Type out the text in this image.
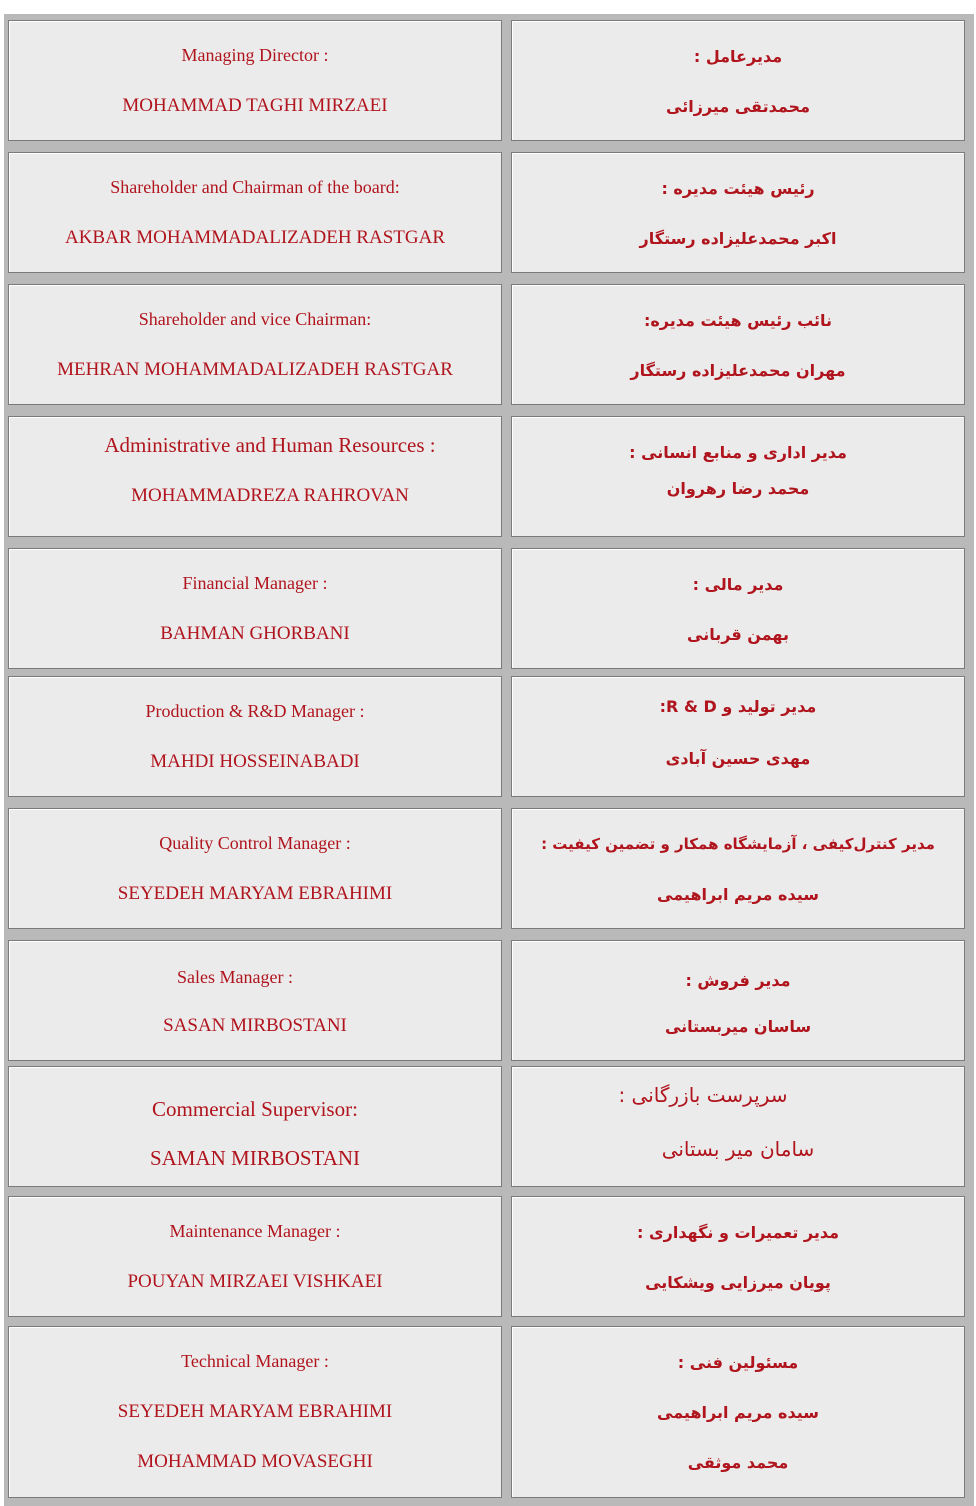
Managing Director :
MOHAMMAD TAGHI MIRZAEI
مدیرعامل :
محمدتقی میرزائی
Shareholder and Chairman of the board:
AKBAR MOHAMMADALIZADEH RASTGAR
رئیس هیئت مدیره :
اکبر محمدعلیزاده رستگار
Shareholder and vice Chairman:
MEHRAN MOHAMMADALIZADEH RASTGAR
نائب رئیس هیئت مدیره:
مهران محمدعلیزاده رستگار
Administrative and Human Resources :
MOHAMMADREZA RAHROVAN
مدیر اداری و منابع انسانی :
محمد رضا رهروان
Financial Manager :
BAHMAN GHORBANI
مدیر مالی :
بهمن قربانی
Production & R&D Manager :
MAHDI HOSSEINABADI
مدیر تولید و R & D:
مهدی حسین آبادی
Quality Control Manager :
SEYEDEH MARYAM EBRAHIMI
مدیر کنترل‌کیفی ، آزمایشگاه همکار و تضمین کیفیت :
سیده مریم ابراهیمی
Sales Manager :
SASAN MIRBOSTANI
مدیر فروش :
ساسان میربستانی
Commercial Supervisor:
SAMAN MIRBOSTANI
سرپرست بازرگانی :
سامان میر بستانی
Maintenance Manager :
POUYAN MIRZAEI VISHKAEI
مدیر تعمیرات و نگهداری :
پویان میرزایی ویشکایی
Technical Manager :
SEYEDEH MARYAM EBRAHIMI
MOHAMMAD MOVASEGHI
مسئولین فنی :
سیده مریم ابراهیمی
محمد موثقی
